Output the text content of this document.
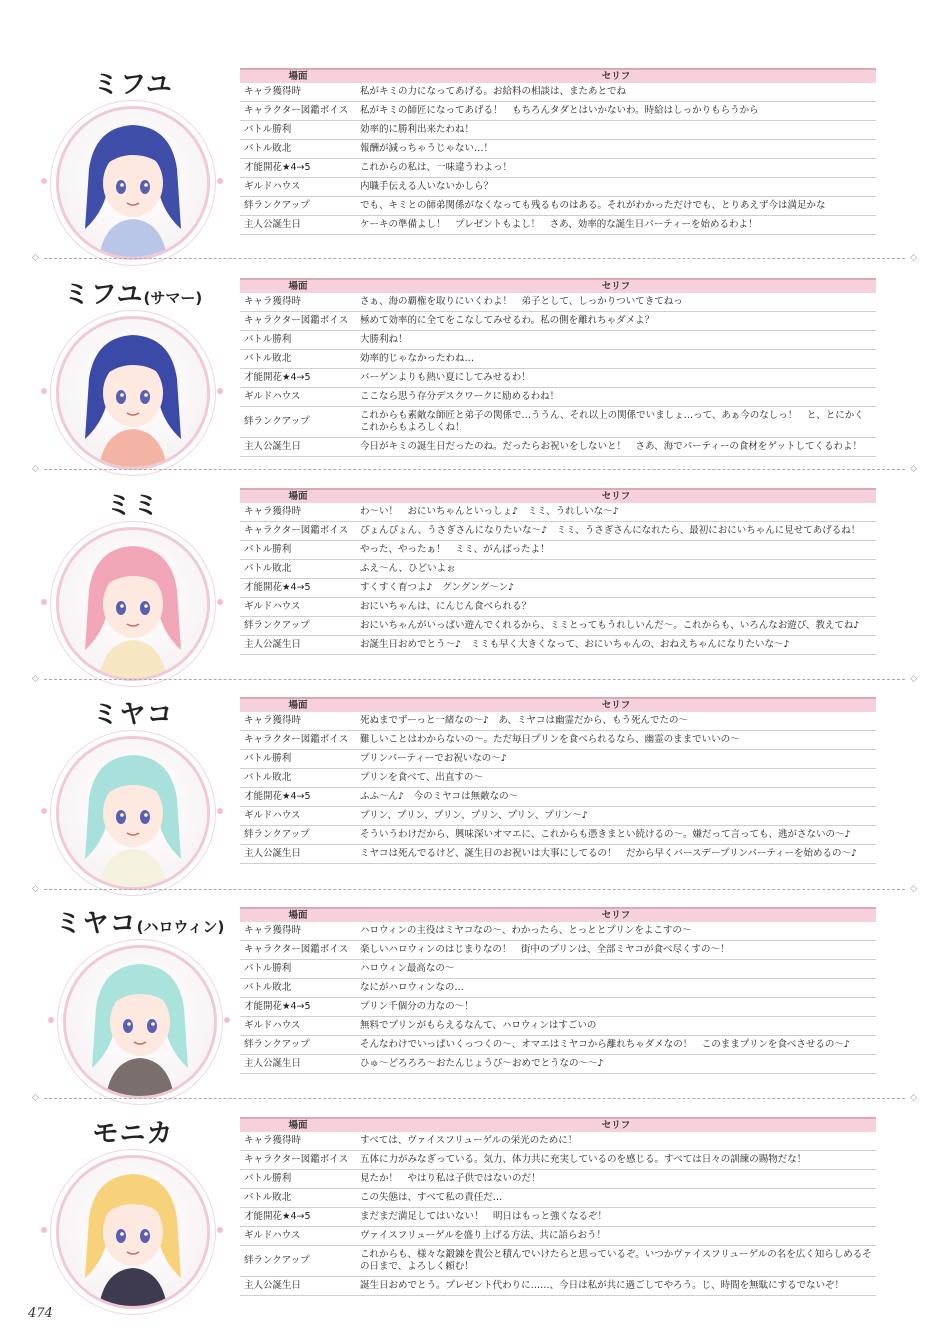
ミフユ	場面	セリフ
キャラ獲得時	私がキミの力になってあげる。お給料の相談は、またあとでね
キャラクター図鑑ボイス	私がキミの師匠になってあげる！　もちろんタダとはいかないわ。時給はしっかりもらうから
バトル勝利	効率的に勝利出来たわね！
バトル敗北	報酬が減っちゃうじゃない…！
才能開花★4→5	これからの私は、一味違うわよっ！
ギルドハウス	内職手伝える人いないかしら？
絆ランクアップ	でも、キミとの師弟関係がなくなっても残るものはある。それがわかっただけでも、とりあえず今は満足かな
主人公誕生日	ケーキの準備よし！　プレゼントもよし！　さあ、効率的な誕生日パーティーを始めるわよ！
ミフユ(サマー)
場面	セリフ
キャラ獲得時	さぁ、海の覇権を取りにいくわよ！　弟子として、しっかりついてきてねっ
キャラクター図鑑ボイス	極めて効率的に全てをこなしてみせるわ。私の側を離れちゃダメよ？
バトル勝利	大勝利ね！
バトル敗北	効率的じゃなかったわね…
才能開花★4→5	バーゲンよりも熱い夏にしてみせるわ！
ギルドハウス	ここなら思う存分デスクワークに励めるわね！
絆ランクアップ	これからも素敵な師匠と弟子の関係で…ううん、それ以上の関係でいましょ…って、あぁ今のなしっ！　と、とにかくこれからもよろしくね！
主人公誕生日	今日がキミの誕生日だったのね。だったらお祝いをしないと！　さあ、海でパーティーの食材をゲットしてくるわよ！
ミミ	場面	セリフ
キャラ獲得時	わ〜い！　おにいちゃんといっしょ♪　ミミ、うれしいな〜♪
キャラクター図鑑ボイス	ぴょんぴょん、うさぎさんになりたいな〜♪　ミミ、うさぎさんになれたら、最初におにいちゃんに見せてあげるね！
バトル勝利	やった、やったぁ！　ミミ、がんばったよ！
バトル敗北	ふえ〜ん、ひどいよぉ
才能開花★4→5	すくすく育つよ♪　グングング〜ン♪
ギルドハウス	おにいちゃんは、にんじん食べられる？
絆ランクアップ	おにいちゃんがいっぱい遊んでくれるから、ミミとってもうれしいんだ〜。これからも、いろんなお遊び、教えてね♪
主人公誕生日	お誕生日おめでとう〜♪　ミミも早く大きくなって、おにいちゃんの、おねえちゃんになりたいな〜♪
ミヤコ	場面	セリフ
キャラ獲得時	死ぬまでずーっと一緒なの〜♪　あ、ミヤコは幽霊だから、もう死んでたの〜
キャラクター図鑑ボイス	難しいことはわからないの〜。ただ毎日プリンを食べられるなら、幽霊のままでいいの〜
バトル勝利	プリンパーティーでお祝いなの〜♪
バトル敗北	プリンを食べて、出直すの〜
才能開花★4→5	ふふ〜ん♪　今のミヤコは無敵なの〜
ギルドハウス	プリン、プリン、プリン、プリン、プリン、プリン〜♪
絆ランクアップ	そういうわけだから、興味深いオマエに、これからも憑きまとい続けるの〜。嫌だって言っても、逃がさないの〜♪
主人公誕生日	ミヤコは死んでるけど、誕生日のお祝いは大事にしてるの！　だから早くバースデープリンパーティーを始めるの〜♪
ミヤコ(ハロウィン)
場面	セリフ
キャラ獲得時	ハロウィンの主役はミヤコなの〜、わかったら、とっととプリンをよこすの〜
キャラクター図鑑ボイス	楽しいハロウィンのはじまりなの！　街中のプリンは、全部ミヤコが食べ尽くすの〜！
バトル勝利	ハロウィン最高なの〜
バトル敗北	なにがハロウィンなの…
才能開花★4→5	プリン千個分の力なの〜！
ギルドハウス	無料でプリンがもらえるなんて、ハロウィンはすごいの
絆ランクアップ	そんなわけでいっぱいくっつくの〜、オマエはミヤコから離れちゃダメなの！　このままプリンを食べさせるの〜♪
主人公誕生日	ひゅ〜どろろろ〜おたんじょうび〜おめでとうなの〜〜♪
モニカ	場面	セリフ
キャラ獲得時	すべては、ヴァイスフリューゲルの栄光のために！
キャラクター図鑑ボイス	五体に力がみなぎっている。気力、体力共に充実しているのを感じる。すべては日々の訓練の賜物だな！
バトル勝利	見たか！　やはり私は子供ではないのだ！
バトル敗北	この失態は、すべて私の責任だ…
才能開花★4→5	まだまだ満足してはいない！　明日はもっと強くなるぞ！
ギルドハウス	ヴァイスフリューゲルを盛り上げる方法、共に語らおう！
絆ランクアップ	これからも、様々な鍛錬を貴公と積んでいけたらと思っているぞ。いつかヴァイスフリューゲルの名を広く知らしめるその日まで、よろしく頼む！
主人公誕生日	誕生日おめでとう。プレゼント代わりに……、今日は私が共に過ごしてやろう。じ、時間を無駄にするでないぞ！
◇	◇
◇	◇
◇	◇
◇	◇
◇	◇
474
